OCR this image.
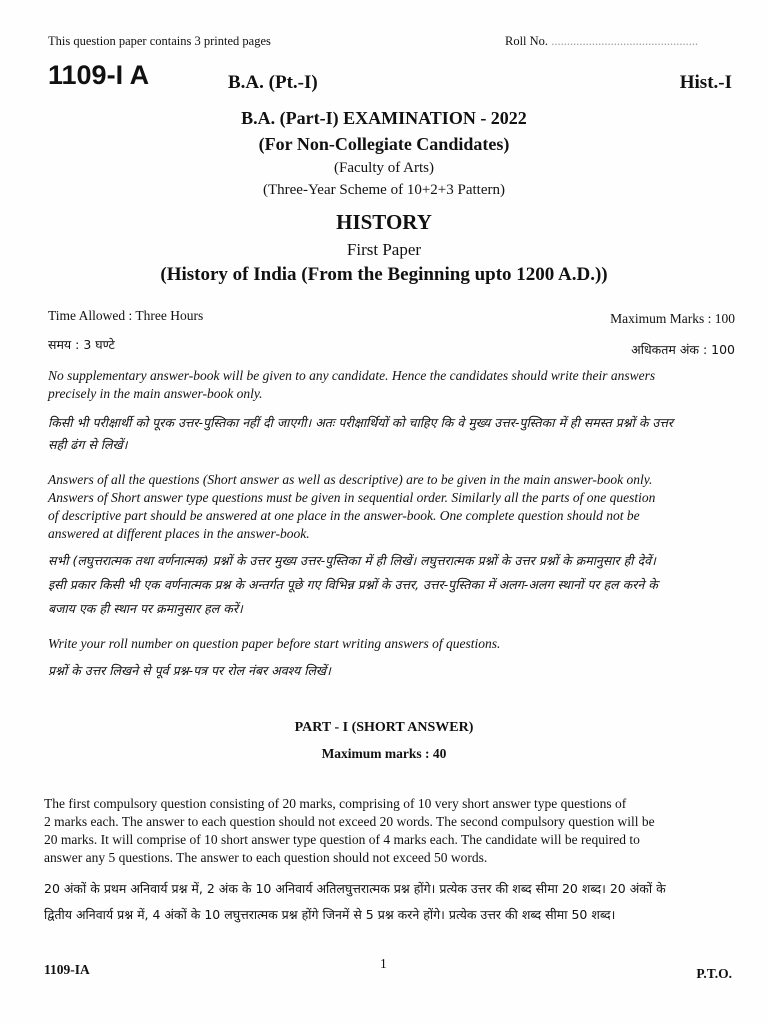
This question paper contains 3 printed pages	Roll No. ...............................................
1109-I A	B.A. (Pt.-I)	Hist.-I
B.A. (Part-I) EXAMINATION - 2022
(For Non-Collegiate Candidates)
(Faculty of Arts)
(Three-Year Scheme of 10+2+3 Pattern)
HISTORY
First Paper
(History of India (From the Beginning upto 1200 A.D.))
Time Allowed : Three Hours	Maximum Marks : 100
समय : 3 घण्टे	अधिकतम अंक : 100
No supplementary answer-book will be given to any candidate. Hence the candidates should write their answers
precisely in the main answer-book only.
किसी भी परीक्षार्थी को पूरक उत्तर-पुस्तिका नहीं दी जाएगी। अतः परीक्षार्थियों को चाहिए कि वे मुख्य उत्तर-पुस्तिका में ही समस्त प्रश्नों के उत्तर
सही ढंग से लिखें।
Answers of all the questions (Short answer as well as descriptive) are to be given in the main answer-book only.
Answers of Short answer type questions must be given in sequential order. Similarly all the parts of one question
of descriptive part should be answered at one place in the answer-book. One complete question should not be
answered at different places in the answer-book.
सभी (लघुत्तरात्मक तथा वर्णनात्मक) प्रश्नों के उत्तर मुख्य उत्तर-पुस्तिका में ही लिखें। लघुत्तरात्मक प्रश्नों के उत्तर प्रश्नों के क्रमानुसार ही देवें।
इसी प्रकार किसी भी एक वर्णनात्मक प्रश्न के अन्तर्गत पूछे गए विभिन्न प्रश्नों के उत्तर, उत्तर-पुस्तिका में अलग-अलग स्थानों पर हल करने के
बजाय एक ही स्थान पर क्रमानुसार हल करें।
Write your roll number on question paper before start writing answers of questions.
प्रश्नों के उत्तर लिखने से पूर्व प्रश्न-पत्र पर रोल नंबर अवश्य लिखें।
PART - I (SHORT ANSWER)
Maximum marks : 40
The first compulsory question consisting of 20 marks, comprising of 10 very short answer type questions of
2 marks each. The answer to each question should not exceed 20 words. The second compulsory question will be
20 marks. It will comprise of 10 short answer type question of 4 marks each. The candidate will be required to
answer any 5 questions. The answer to each question should not exceed 50 words.
20 अंकों के प्रथम अनिवार्य प्रश्न में, 2 अंक के 10 अनिवार्य अतिलघुत्तरात्मक प्रश्न होंगे। प्रत्येक उत्तर की शब्द सीमा 20 शब्द। 20 अंकों के
द्वितीय अनिवार्य प्रश्न में, 4 अंकों के 10 लघुत्तरात्मक प्रश्न होंगे जिनमें से 5 प्रश्न करने होंगे। प्रत्येक उत्तर की शब्द सीमा 50 शब्द।
1109-IA	1
P.T.O.
